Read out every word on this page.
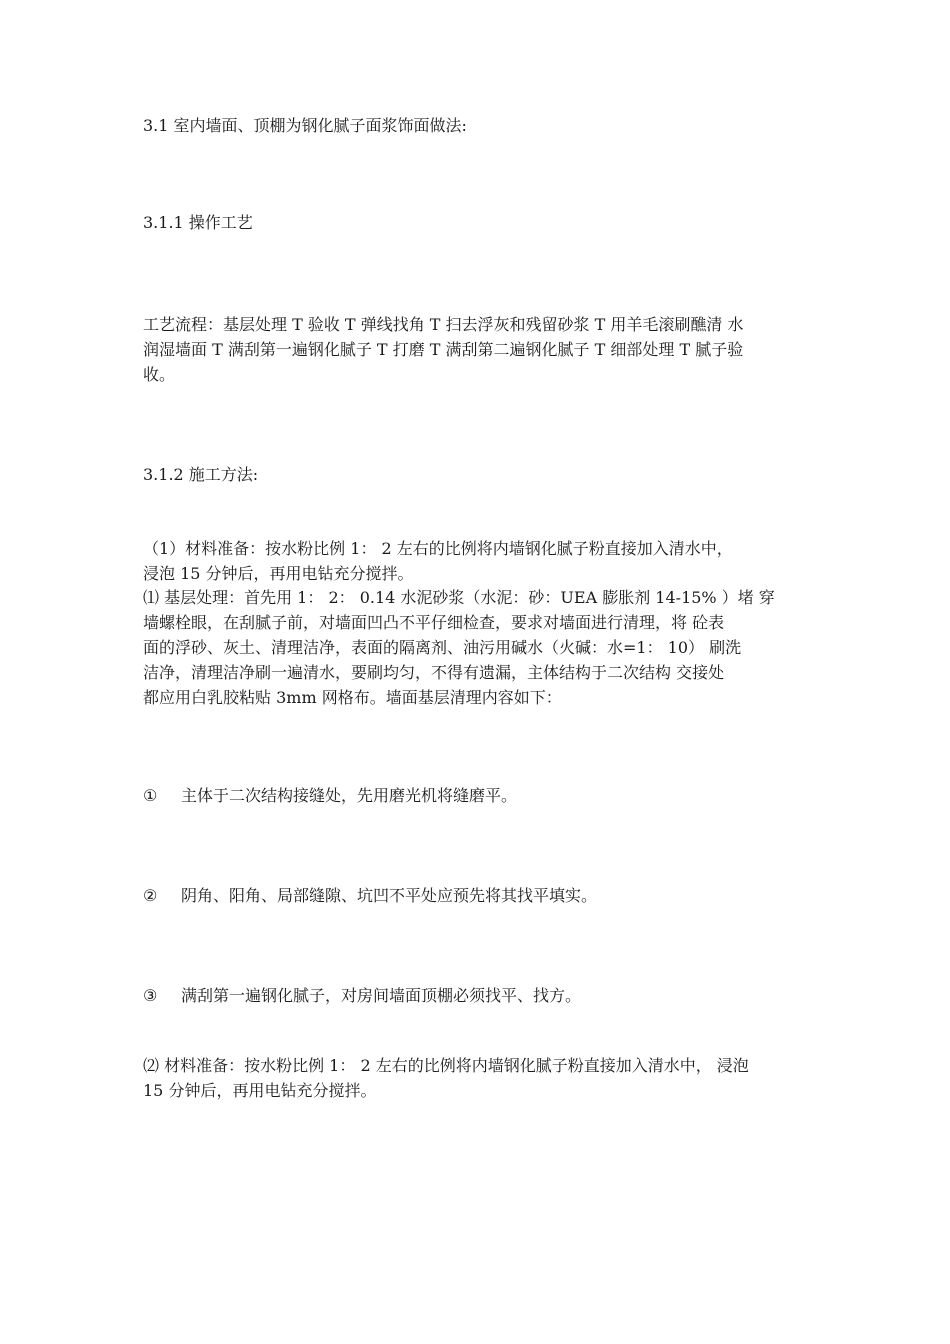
3.1 室内墙面、顶棚为钢化腻子面浆饰面做法:

3.1.1 操作工艺

工艺流程：基层处理 T 验收 T 弹线找角 T 扫去浮灰和残留砂浆 T 用羊毛滚刷醮清 水
润湿墙面 T 满刮第一遍钢化腻子 T 打磨 T 满刮第二遍钢化腻子 T 细部处理 T 腻子验
收。

3.1.2 施工方法:

（1）材料准备：按水粉比例 1： 2 左右的比例将内墙钢化腻子粉直接加入清水中，
浸泡 15 分钟后，再用电钻充分搅拌。

⑴ 基层处理：首先用 1： 2： 0.14 水泥砂浆（水泥：砂：UEA 膨胀剂 14-15% ）堵 穿
墙螺栓眼，在刮腻子前，对墙面凹凸不平仔细检查，要求对墙面进行清理，将 砼表
面的浮砂、灰土、清理洁净，表面的隔离剂、油污用碱水（火碱：水=1： 10） 刷洗
洁净，清理洁净刷一遍清水，要刷均匀，不得有遗漏，主体结构于二次结构 交接处
都应用白乳胶粘贴 3mm 网格布。墙面基层清理内容如下：

① 主体于二次结构接缝处，先用磨光机将缝磨平。

② 阴角、阳角、局部缝隙、坑凹不平处应预先将其找平填实。

③ 满刮第一遍钢化腻子，对房间墙面顶棚必须找平、找方。

⑵ 材料准备：按水粉比例 1： 2 左右的比例将内墙钢化腻子粉直接加入清水中， 浸泡
15 分钟后，再用电钻充分搅拌。
